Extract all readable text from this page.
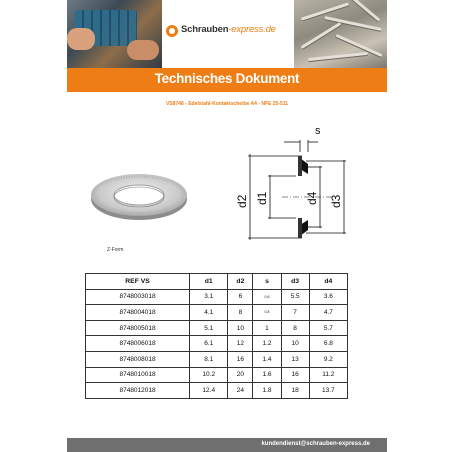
Schrauben-express.de
Technisches Dokument
VS8748 - Edelstahl-Kontaktscheibe A4 - NFE 25-511
Z-Form
s
d2 d1	d4 d3
REF VS	d1	d2	s	d3	d4
8748003018	3.1	6	0,6	5.5	3.6
8748004018	4.1	8	0,8	7	4.7
8748005018	5.1	10	1	8	5.7
8748006018	6.1	12	1.2	10	6.8
8748008018	8.1	16	1.4	13	9.2
8748010018	10.2	20	1.6	16	11.2
8748012018	12.4	24	1.8	18	13.7
kundendienst@schrauben-express.de
